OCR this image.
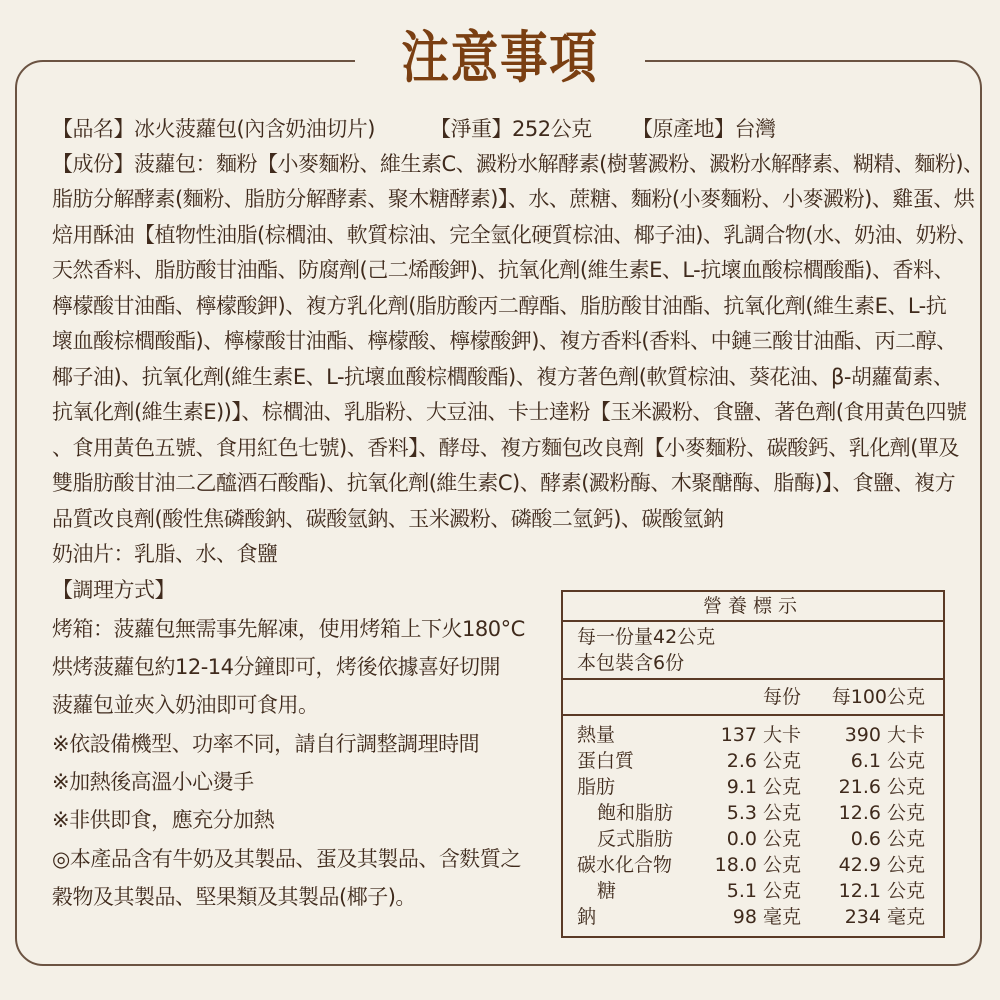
注意事項
【品名】冰火菠蘿包(內含奶油切片)	【淨重】252公克 【原產地】台灣
【成份】菠蘿包：麵粉【小麥麵粉、維生素C、澱粉水解酵素(樹薯澱粉、澱粉水解酵素、糊精、麵粉)、
脂肪分解酵素(麵粉、脂肪分解酵素、聚木糖酵素)】、水、蔗糖、麵粉(小麥麵粉、小麥澱粉)、雞蛋、烘
焙用酥油【植物性油脂(棕櫚油、軟質棕油、完全氫化硬質棕油、椰子油)、乳調合物(水、奶油、奶粉、
天然香料、脂肪酸甘油酯、防腐劑(己二烯酸鉀)、抗氧化劑(維生素E、L-抗壞血酸棕櫚酸酯)、香料、
檸檬酸甘油酯、檸檬酸鉀)、複方乳化劑(脂肪酸丙二醇酯、脂肪酸甘油酯、抗氧化劑(維生素E、L-抗
壞血酸棕櫚酸酯)、檸檬酸甘油酯、檸檬酸、檸檬酸鉀)、複方香料(香料、中鏈三酸甘油酯、丙二醇、
椰子油)、抗氧化劑(維生素E、L-抗壞血酸棕櫚酸酯)、複方著色劑(軟質棕油、葵花油、β-胡蘿蔔素、
抗氧化劑(維生素E))】、棕櫚油、乳脂粉、大豆油、卡士達粉【玉米澱粉、食鹽、著色劑(食用黃色四號
、食用黃色五號、食用紅色七號)、香料】、酵母、複方麵包改良劑【小麥麵粉、碳酸鈣、乳化劑(單及
雙脂肪酸甘油二乙醯酒石酸酯)、抗氧化劑(維生素C)、酵素(澱粉酶、木聚醣酶、脂酶)】、食鹽、複方
品質改良劑(酸性焦磷酸鈉、碳酸氫鈉、玉米澱粉、磷酸二氫鈣)、碳酸氫鈉
奶油片：乳脂、水、食鹽
【調理方式】
烤箱：菠蘿包無需事先解凍，使用烤箱上下火180°C
烘烤菠蘿包約12-14分鐘即可，烤後依據喜好切開
菠蘿包並夾入奶油即可食用。
※依設備機型、功率不同，請自行調整調理時間
※加熱後高溫小心燙手
※非供即食，應充分加熱
◎本產品含有牛奶及其製品、蛋及其製品、含麩質之
穀物及其製品、堅果類及其製品(椰子)。
營養標示
每一份量42公克
本包裝含6份
每份 每100公克
熱量	137 大卡 390 大卡
蛋白質	2.6 公克	6.1 公克
脂肪	9.1 公克 21.6 公克
飽和脂肪	5.3 公克 12.6 公克
反式脂肪	0.0 公克	0.6 公克
碳水化合物 18.0 公克 42.9 公克
糖	5.1 公克 12.1 公克
鈉	98 毫克 234 毫克
